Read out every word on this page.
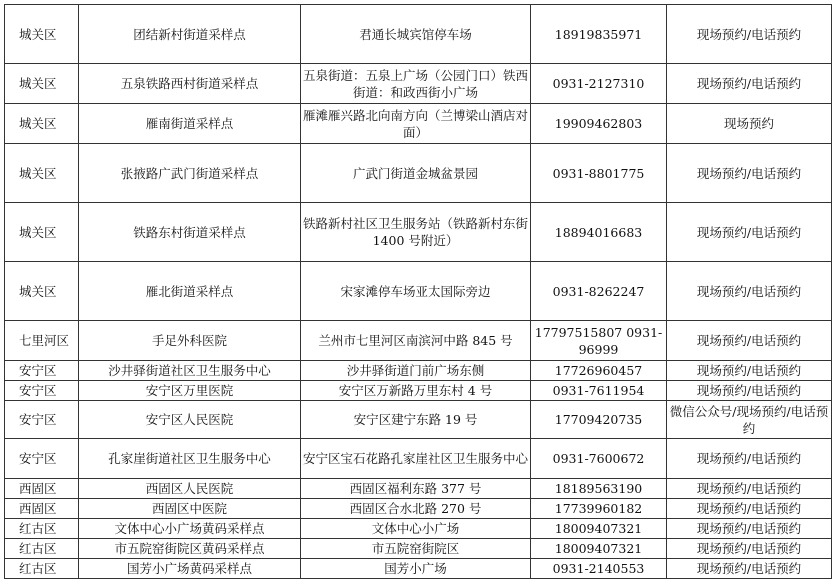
城关区	团结新村街道采样点	君通长城宾馆停车场	18919835971	现场预约/电话预约
城关区	五泉铁路西村街道采样点	五泉街道：五泉上广场（公园门口）铁西街道：和政西街小广场	0931-2127310	现场预约/电话预约
城关区	雁南街道采样点	雁滩雁兴路北向南方向（兰博梁山酒店对面）	19909462803	现场预约
城关区	张掖路广武门街道采样点	广武门街道金城盆景园	0931-8801775	现场预约/电话预约
城关区	铁路东村街道采样点	铁路新村社区卫生服务站（铁路新村东街 1400 号附近）	18894016683	现场预约/电话预约
城关区	雁北街道采样点	宋家滩停车场亚太国际旁边	0931-8262247	现场预约/电话预约
七里河区	手足外科医院	兰州市七里河区南滨河中路 845 号	17797515807 0931-96999	现场预约/电话预约
安宁区	沙井驿街道社区卫生服务中心	沙井驿街道门前广场东侧	17726960457	现场预约/电话预约
安宁区	安宁区万里医院	安宁区万新路万里东村 4 号	0931-7611954	现场预约/电话预约
安宁区	安宁区人民医院	安宁区建宁东路 19 号	17709420735	微信公众号/现场预约/电话预约
安宁区	孔家崖街道社区卫生服务中心	安宁区宝石花路孔家崖社区卫生服务中心	0931-7600672	现场预约/电话预约
西固区	西固区人民医院	西固区福利东路 377 号	18189563190	现场预约/电话预约
西固区	西固区中医院	西固区合水北路 270 号	17739960182	现场预约/电话预约
红古区	文体中心小广场黄码采样点	文体中心小广场	18009407321	现场预约/电话预约
红古区	市五院窑街院区黄码采样点	市五院窑街院区	18009407321	现场预约/电话预约
红古区	国芳小广场黄码采样点	国芳小广场	0931-2140553	现场预约/电话预约
